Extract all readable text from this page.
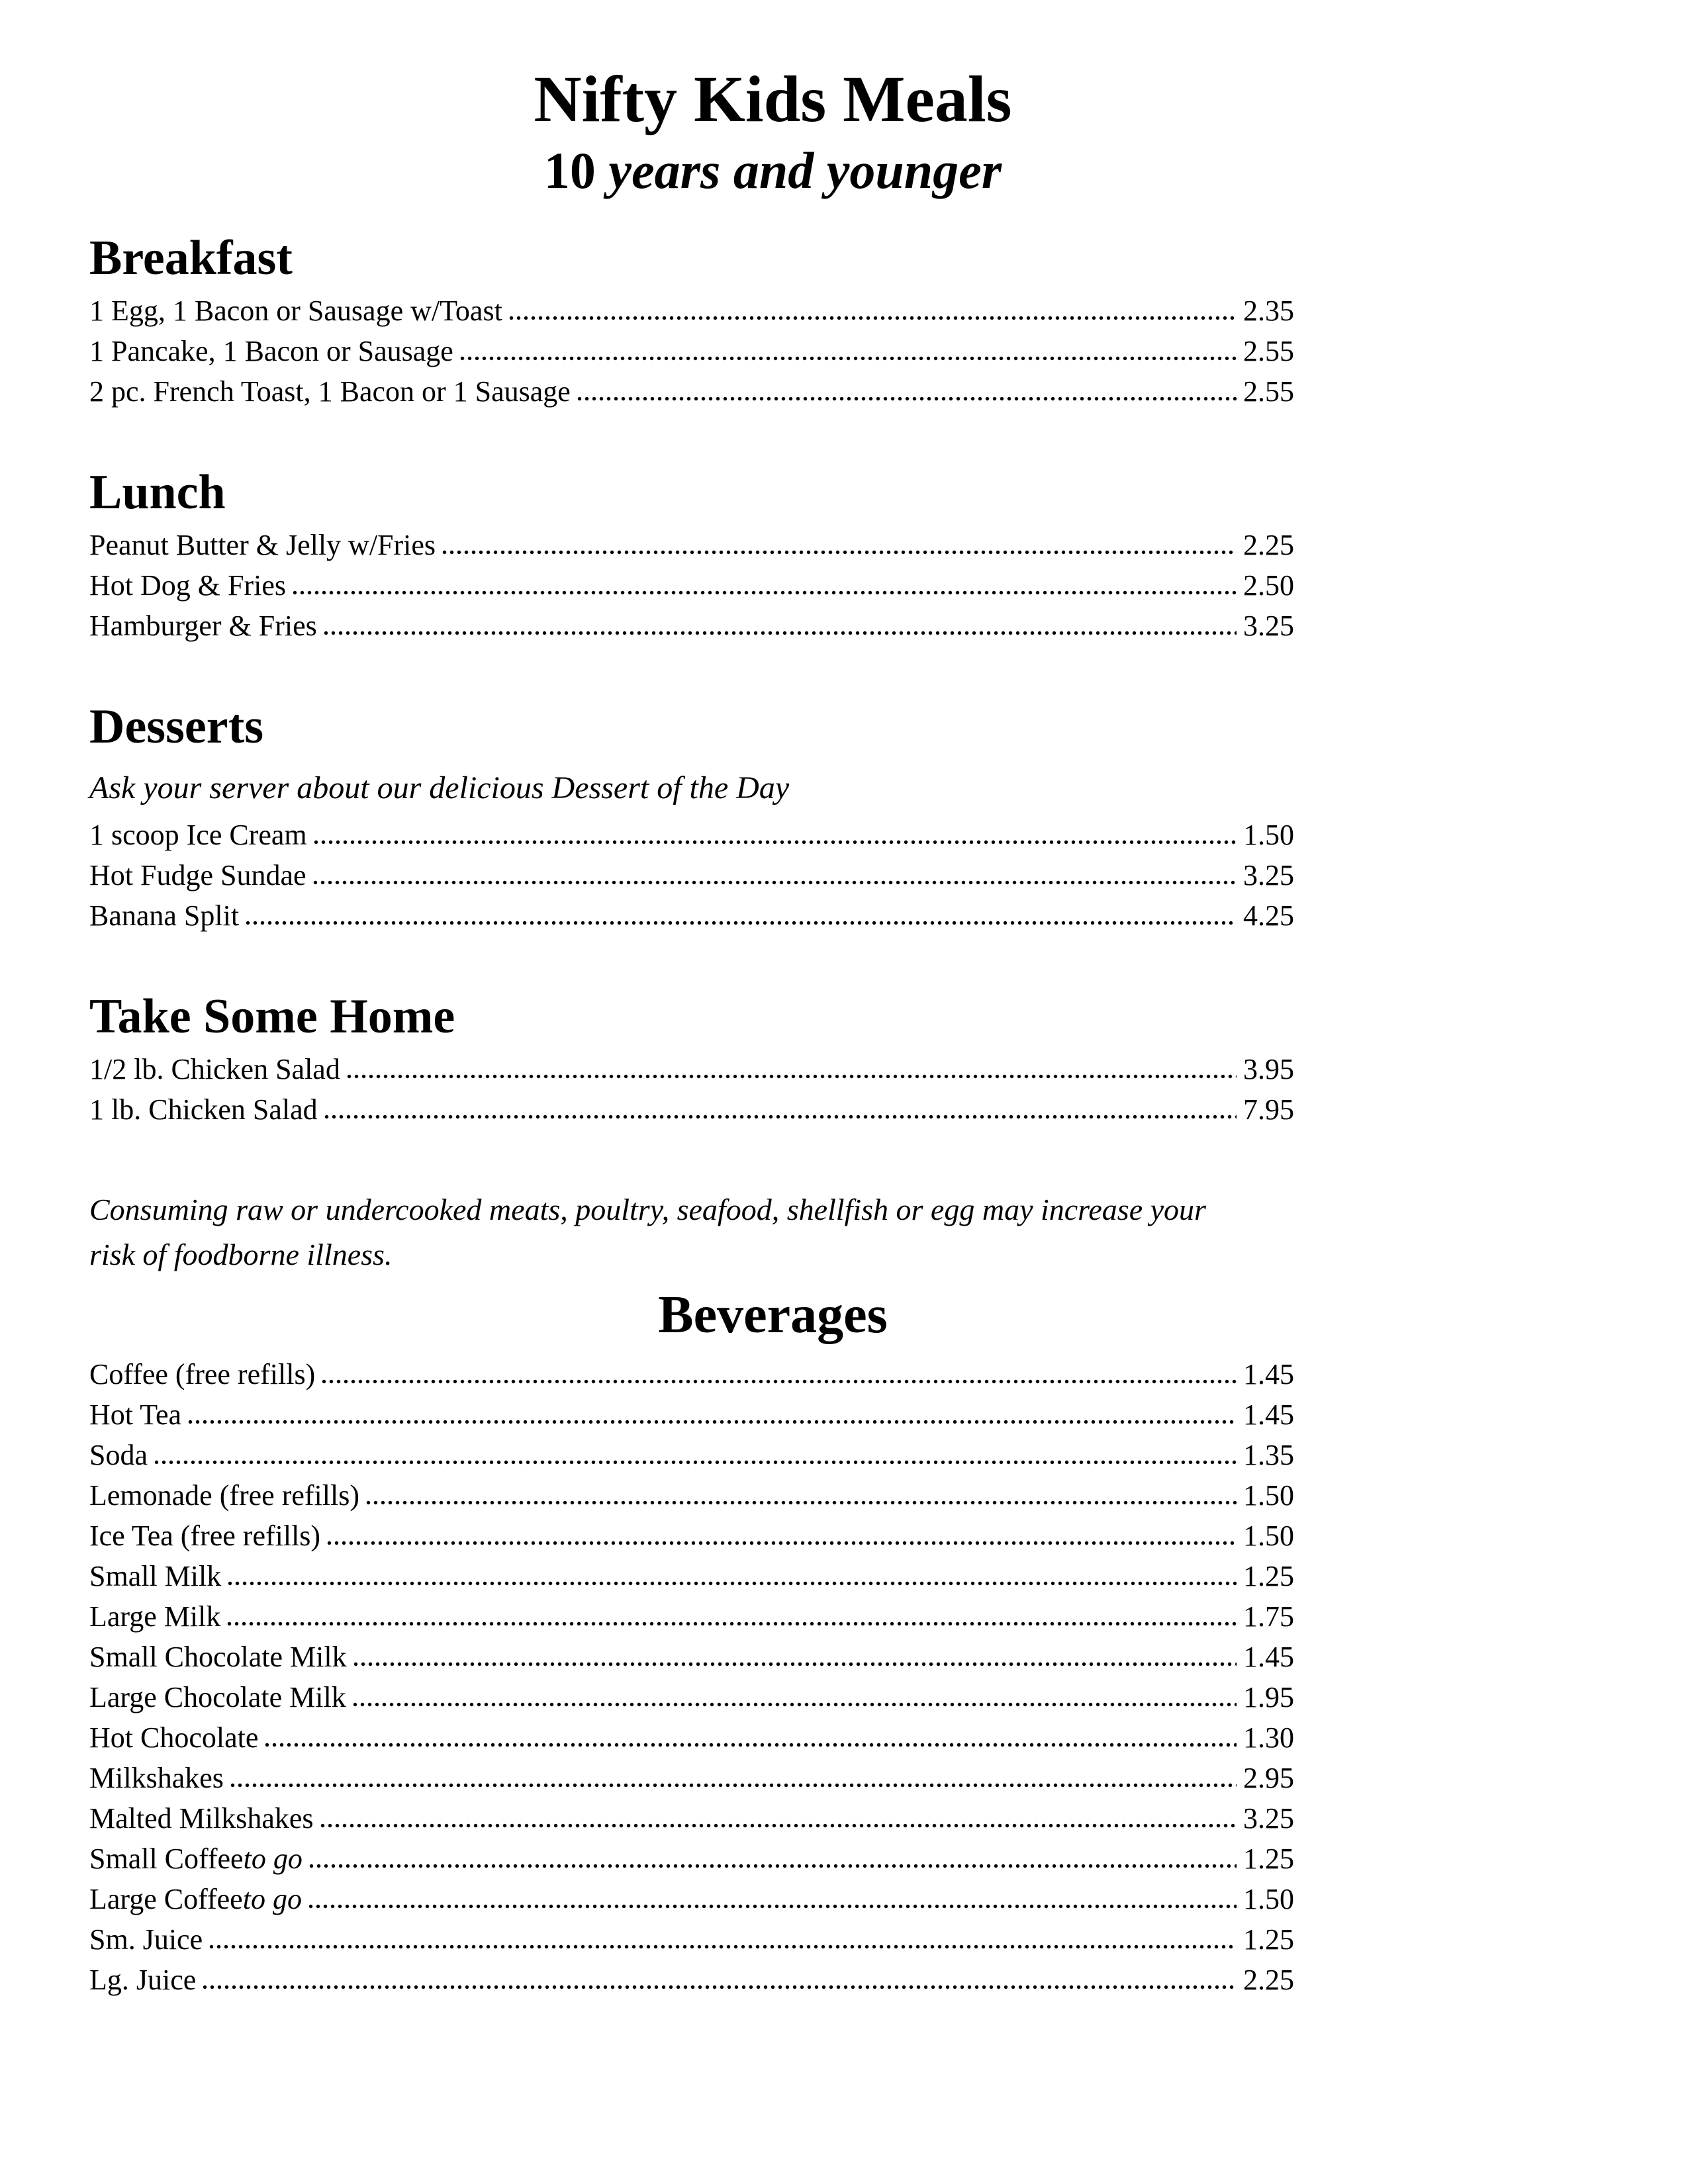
Nifty Kids Meals

10 years and younger

Breakfast
1 Egg, 1 Bacon or Sausage w/Toast	2.35
1 Pancake, 1 Bacon or Sausage	2.55
2 pc. French Toast, 1 Bacon or 1 Sausage	2.55
Lunch
Peanut Butter & Jelly w/Fries	2.25
Hot Dog & Fries	2.50
Hamburger & Fries	3.25
Desserts

Ask your server about our delicious Dessert of the Day

1 scoop Ice Cream	1.50
Hot Fudge Sundae	3.25
Banana Split	4.25
Take Some Home
1/2 lb. Chicken Salad	3.95
1 lb. Chicken Salad	7.95

Consuming raw or undercooked meats, poultry, seafood, shellfish or egg may increase your
risk of foodborne illness.

Beverages
Coffee (free refills)	1.45
Hot Tea	1.45
Soda	1.35
Lemonade (free refills)	1.50
Ice Tea (free refills)	1.50
Small Milk	1.25
Large Milk	1.75
Small Chocolate Milk	1.45
Large Chocolate Milk	1.95
Hot Chocolate	1.30
Milkshakes	2.95
Malted Milkshakes	3.25
Small Coffee to go	1.25
Large Coffee to go	1.50
Sm. Juice	1.25
Lg. Juice	2.25
